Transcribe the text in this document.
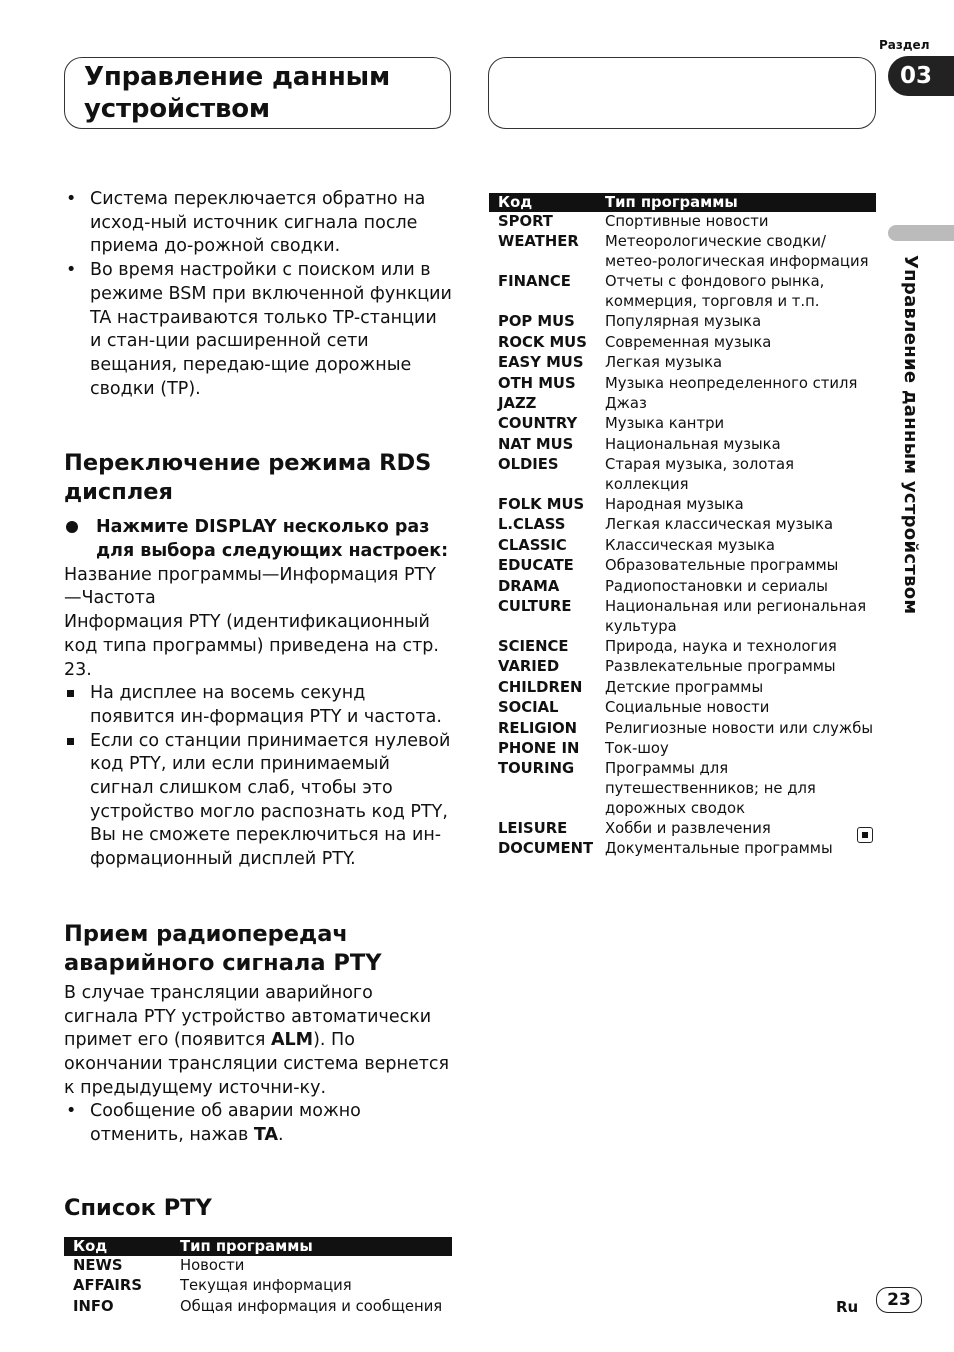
Управление данным
устройством
Раздел
03
Управление данным устройством

• Система переключается обратно на исход-ный источник сигнала после приема до-рожной сводки.

• Во время настройки с поиском или в режиме BSM при включенной функции TA настраиваются только TP-станции и стан-ции расширенной сети вещания, передаю-щие дорожные сводки (TP).

Переключение режима RDS дисплея

Нажмите DISPLAY несколько раз для выбора следующих настроек:

Название программы—Информация PTY —Частота

Информация PTY (идентификационный код типа программы) приведена на стр. 23.

На дисплее на восемь секунд появится ин-формация PTY и частота.

Если со станции принимается нулевой код PTY, или если принимаемый сигнал слишком слаб, чтобы это устройство могло распознать код PTY, Вы не сможете переключиться на ин-формационный дисплей PTY.

Прием радиопередач аварийного сигнала PTY

В случае трансляции аварийного сигнала PTY устройство автоматически примет его (появится ALM). По окончании трансляции система вернется к предыдущему источни-ку.

• Сообщение об аварии можно отменить, нажав TA.

Список PTY
Код	Тип программы
NEWS	Новости
AFFAIRS	Текущая информация
INFO	Общая информация и сообщения
Код	Тип программы
SPORT	Спортивные новости
WEATHER	Метеорологические сводки/метео-рологическая информация
FINANCE	Отчеты с фондового рынка, коммерция, торговля и т.п.
POP MUS	Популярная музыка
ROCK MUS	Современная музыка
EASY MUS	Легкая музыка
OTH MUS	Музыка неопределенного стиля
JAZZ	Джаз
COUNTRY	Музыка кантри
NAT MUS	Национальная музыка
OLDIES	Старая музыка, золотая коллекция
FOLK MUS	Народная музыка
L.CLASS	Легкая классическая музыка
CLASSIC	Классическая музыка
EDUCATE	Образовательные программы
DRAMA	Радиопостановки и сериалы
CULTURE	Национальная или региональная культура
SCIENCE	Природа, наука и технология
VARIED	Развлекательные программы
CHILDREN	Детские программы
SOCIAL	Социальные новости
RELIGION	Религиозные новости или службы
PHONE IN	Ток-шоу
TOURING	Программы для путешественников; не для дорожных сводок
LEISURE	Хобби и развлечения
DOCUMENT	Документальные программы
Ru	23
